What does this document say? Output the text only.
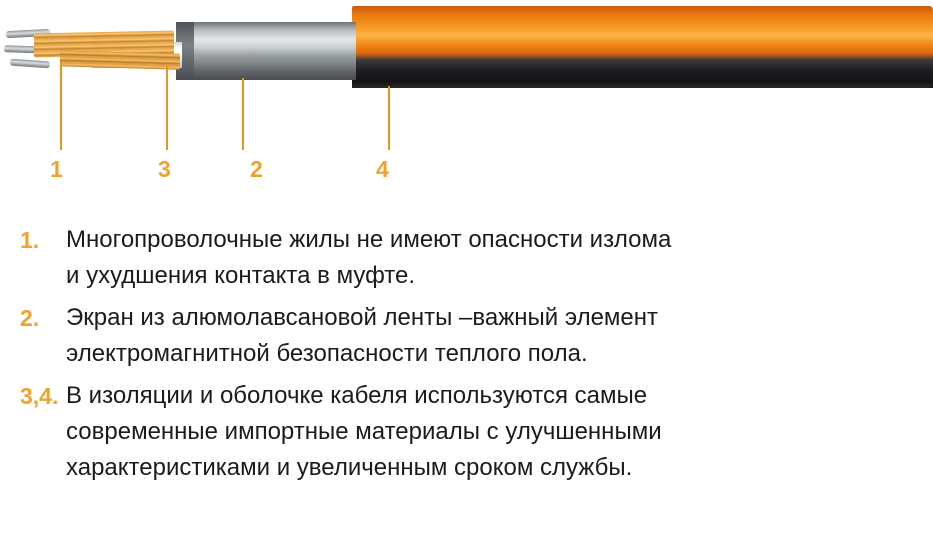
1	3	2	4
1.	Многопроволочные жилы не имеют опасности излома
и ухудшения контакта в муфте.
2.	Экран из алюмолавсановой ленты –важный элемент
электромагнитной безопасности теплого пола.
3,4. В изоляции и оболочке кабеля используются самые
современные импортные материалы с улучшенными
характеристиками и увеличенным сроком службы.
